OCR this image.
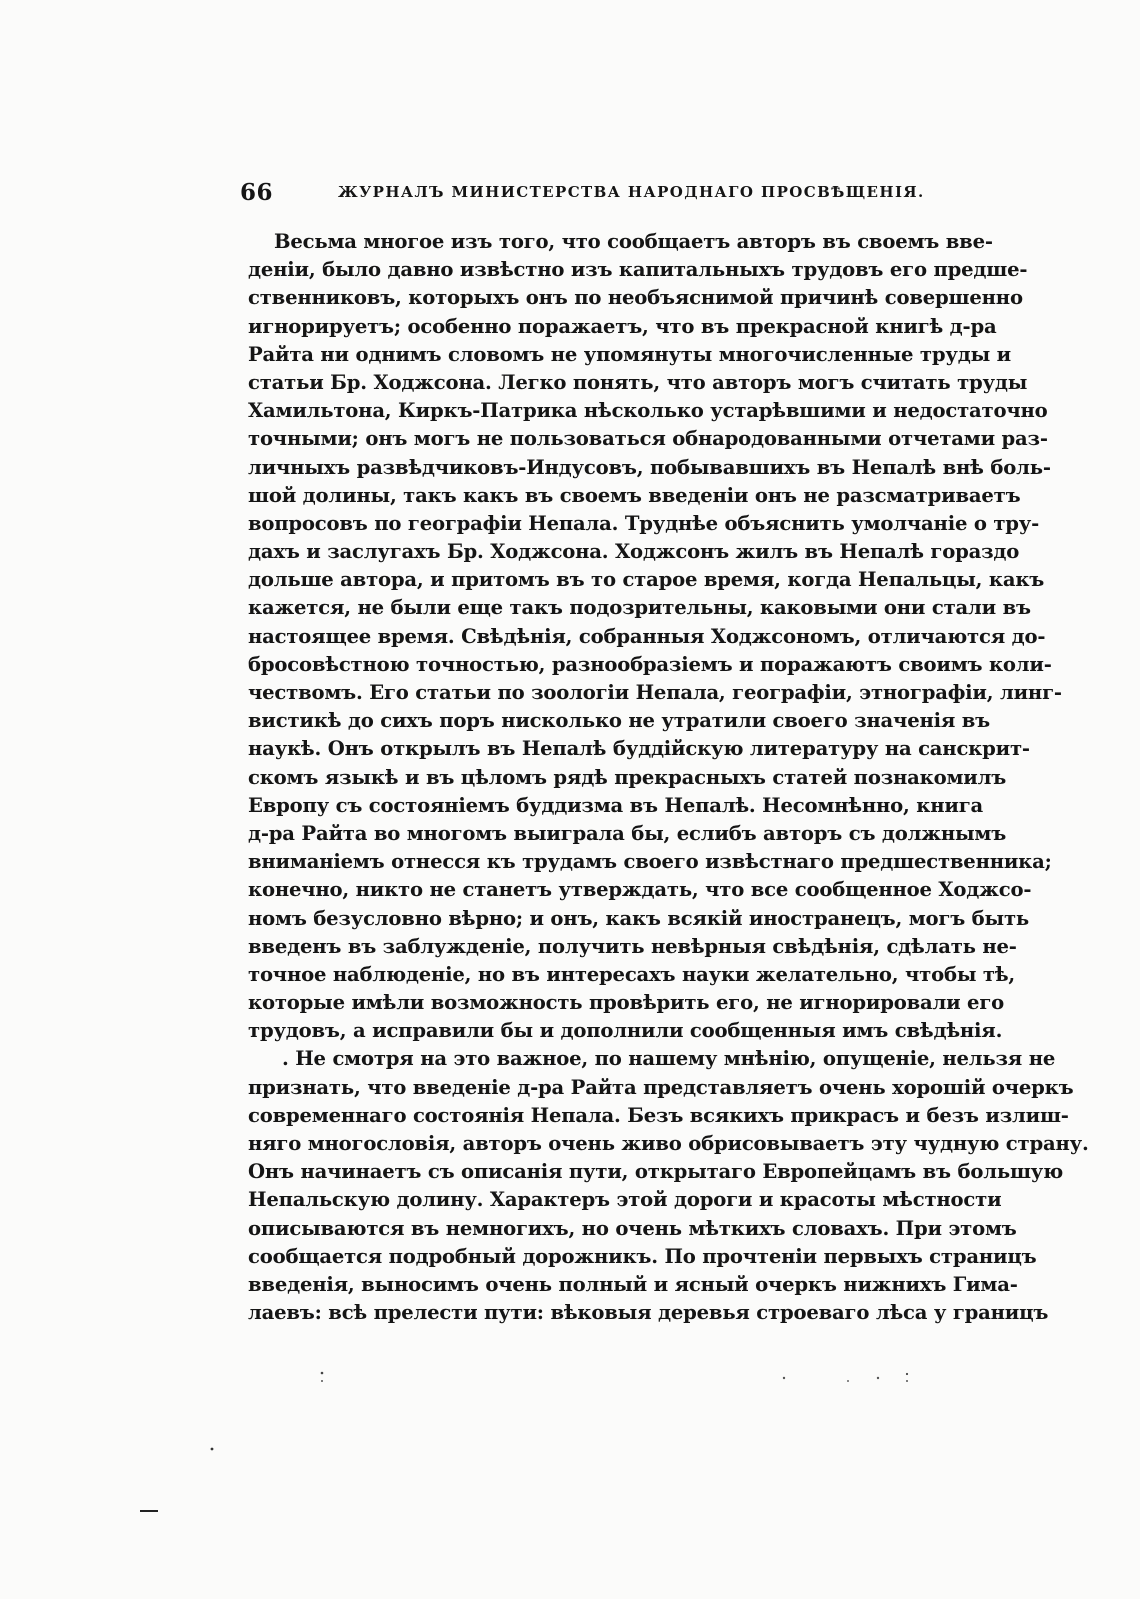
66	ЖУРНАЛЪ МИНИСТЕРСТВА НАРОДНАГО ПРОСВѢЩЕНІЯ.
Весьма многое изъ того, что сообщаетъ авторъ въ своемъ вве-
деніи, было давно извѣстно изъ капитальныхъ трудовъ его предше-
ственниковъ, которыхъ онъ по необъяснимой причинѣ совершенно
игнорируетъ; особенно поражаетъ, что въ прекрасной книгѣ д-ра
Райта ни однимъ словомъ не упомянуты многочисленные труды и
статьи Бр. Ходжсона. Легко понять, что авторъ могъ считать труды
Хамильтона, Киркъ-Патрика нѣсколько устарѣвшими и недостаточно
точными; онъ могъ не пользоваться обнародованными отчетами раз-
личныхъ развѣдчиковъ-Индусовъ, побывавшихъ въ Непалѣ внѣ боль-
шой долины, такъ какъ въ своемъ введеніи онъ не разсматриваетъ
вопросовъ по географіи Непала. Труднѣе объяснить умолчаніе о тру-
дахъ и заслугахъ Бр. Ходжсона. Ходжсонъ жилъ въ Непалѣ гораздо
дольше автора, и притомъ въ то старое время, когда Непальцы, какъ
кажется, не были еще такъ подозрительны, каковыми они стали въ
настоящее время. Свѣдѣнія, собранныя Ходжсономъ, отличаются до-
бросовѣстною точностью, разнообразіемъ и поражаютъ своимъ коли-
чествомъ. Его статьи по зоологіи Непала, географіи, этнографіи, линг-
вистикѣ до сихъ поръ нисколько не утратили своего значенія въ
наукѣ. Онъ открылъ въ Непалѣ буддійскую литературу на санскрит-
скомъ языкѣ и въ цѣломъ рядѣ прекрасныхъ статей познакомилъ
Европу съ состояніемъ буддизма въ Непалѣ. Несомнѣнно, книга
д-ра Райта во многомъ выиграла бы, еслибъ авторъ съ должнымъ
вниманіемъ отнесся къ трудамъ своего извѣстнаго предшественника;
конечно, никто не станетъ утверждать, что все сообщенное Ходжсо-
номъ безусловно вѣрно; и онъ, какъ всякій иностранецъ, могъ быть
введенъ въ заблужденіе, получить невѣрныя свѣдѣнія, сдѣлать не-
точное наблюденіе, но въ интересахъ науки желательно, чтобы тѣ,
которые имѣли возможность провѣрить его, не игнорировали его
трудовъ, а исправили бы и дополнили сообщенныя имъ свѣдѣнія.
. Не смотря на это важное, по нашему мнѣнію, опущеніе, нельзя не
признать, что введеніе д-ра Райта представляетъ очень хорошій очеркъ
современнаго состоянія Непала. Безъ всякихъ прикрасъ и безъ излиш-
няго многословія, авторъ очень живо обрисовываетъ эту чудную страну.
Онъ начинаетъ съ описанія пути, открытаго Европейцамъ въ большую
Непальскую долину. Характеръ этой дороги и красоты мѣстности
описываются въ немногихъ, но очень мѣткихъ словахъ. При этомъ
сообщается подробный дорожникъ. По прочтеніи первыхъ страницъ
введенія, выносимъ очень полный и ясный очеркъ нижнихъ Гима-
лаевъ: всѣ прелести пути: вѣковыя деревья строеваго лѣса у границъ
